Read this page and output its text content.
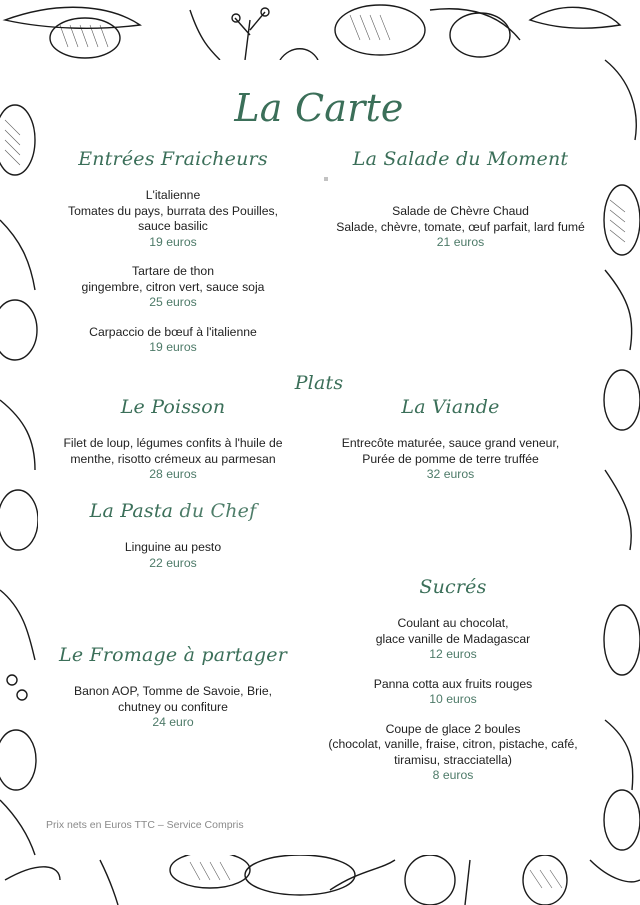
La Carte
Entrées Fraicheurs
L'italienne
Tomates du pays, burrata des Pouilles,
sauce basilic
19 euros
Tartare de thon
gingembre, citron vert, sauce soja
25 euros
Carpaccio de bœuf à l'italienne
19 euros
La Salade du Moment
Salade de Chèvre Chaud
Salade, chèvre, tomate, œuf parfait, lard fumé
21 euros
Plats
Le Poisson
Filet de loup, légumes confits à l'huile de
menthe, risotto crémeux au parmesan
28 euros
La Viande
Entrecôte maturée, sauce grand veneur,
Purée de pomme de terre truffée
32 euros
La Pasta du Chef
Linguine au pesto
22 euros
Le Fromage à partager
Banon AOP, Tomme de Savoie, Brie,
chutney ou confiture
24 euro
Sucrés
Coulant au chocolat,
glace vanille de Madagascar
12 euros
Panna cotta aux fruits rouges
10 euros
Coupe de glace 2 boules
(chocolat, vanille, fraise, citron, pistache, café,
tiramisu, stracciatella)
8 euros
Prix nets en Euros TTC – Service Compris
